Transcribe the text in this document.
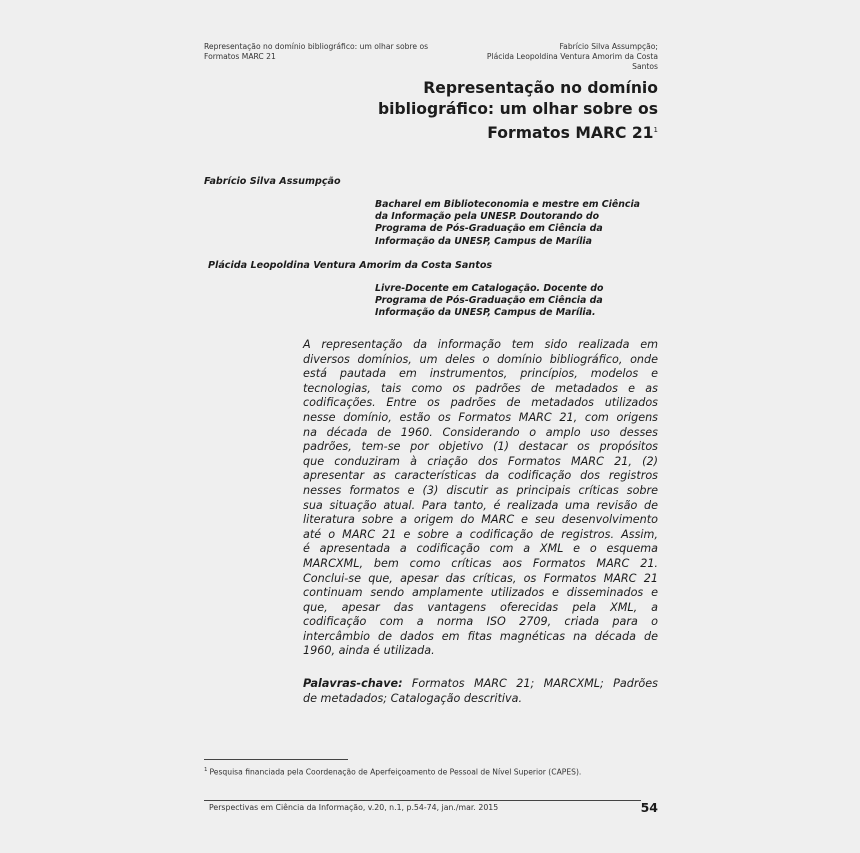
Representação no domínio bibliográfico: um olhar sobre os
Formatos MARC 21
Fabrício Silva Assumpção;
Plácida Leopoldina Ventura Amorim da Costa
Santos
Representação no domínio
bibliográfico: um olhar sobre os
Formatos MARC $21^1$
Fabrício Silva Assumpção
Bacharel em Biblioteconomia e mestre em Ciência
da Informação pela UNESP. Doutorando do
Programa de Pós-Graduação em Ciência da
Informação da UNESP, Campus de Marília
Plácida Leopoldina Ventura Amorim da Costa Santos
Livre-Docente em Catalogação. Docente do
Programa de Pós-Graduação em Ciência da
Informação da UNESP, Campus de Marília.
A representação da informação tem sido realizada em
diversos domínios, um deles o domínio bibliográfico, onde
está pautada em instrumentos, princípios, modelos e
tecnologias, tais como os padrões de metadados e as
codificações. Entre os padrões de metadados utilizados
nesse domínio, estão os Formatos MARC 21, com origens
na década de 1960. Considerando o amplo uso desses
padrões, tem-se por objetivo (1) destacar os propósitos
que conduziram à criação dos Formatos MARC 21, (2)
apresentar as características da codificação dos registros
nesses formatos e (3) discutir as principais críticas sobre
sua situação atual. Para tanto, é realizada uma revisão de
literatura sobre a origem do MARC e seu desenvolvimento
até o MARC 21 e sobre a codificação de registros. Assim,
é apresentada a codificação com a XML e o esquema
MARCXML, bem como críticas aos Formatos MARC 21.
Conclui-se que, apesar das críticas, os Formatos MARC 21
continuam sendo amplamente utilizados e disseminados e
que, apesar das vantagens oferecidas pela XML, a
codificação com a norma ISO 2709, criada para o
intercâmbio de dados em fitas magnéticas na década de
1960, ainda é utilizada.
Palavras-chave: Formatos MARC 21; MARCXML; Padrões
de metadados; Catalogação descritiva.
$^1$ Pesquisa financiada pela Coordenação de Aperfeiçoamento de Pessoal de Nível Superior (CAPES).
Perspectivas em Ciência da Informação, v.20, n.1, p.54-74, jan./mar. 2015	54
